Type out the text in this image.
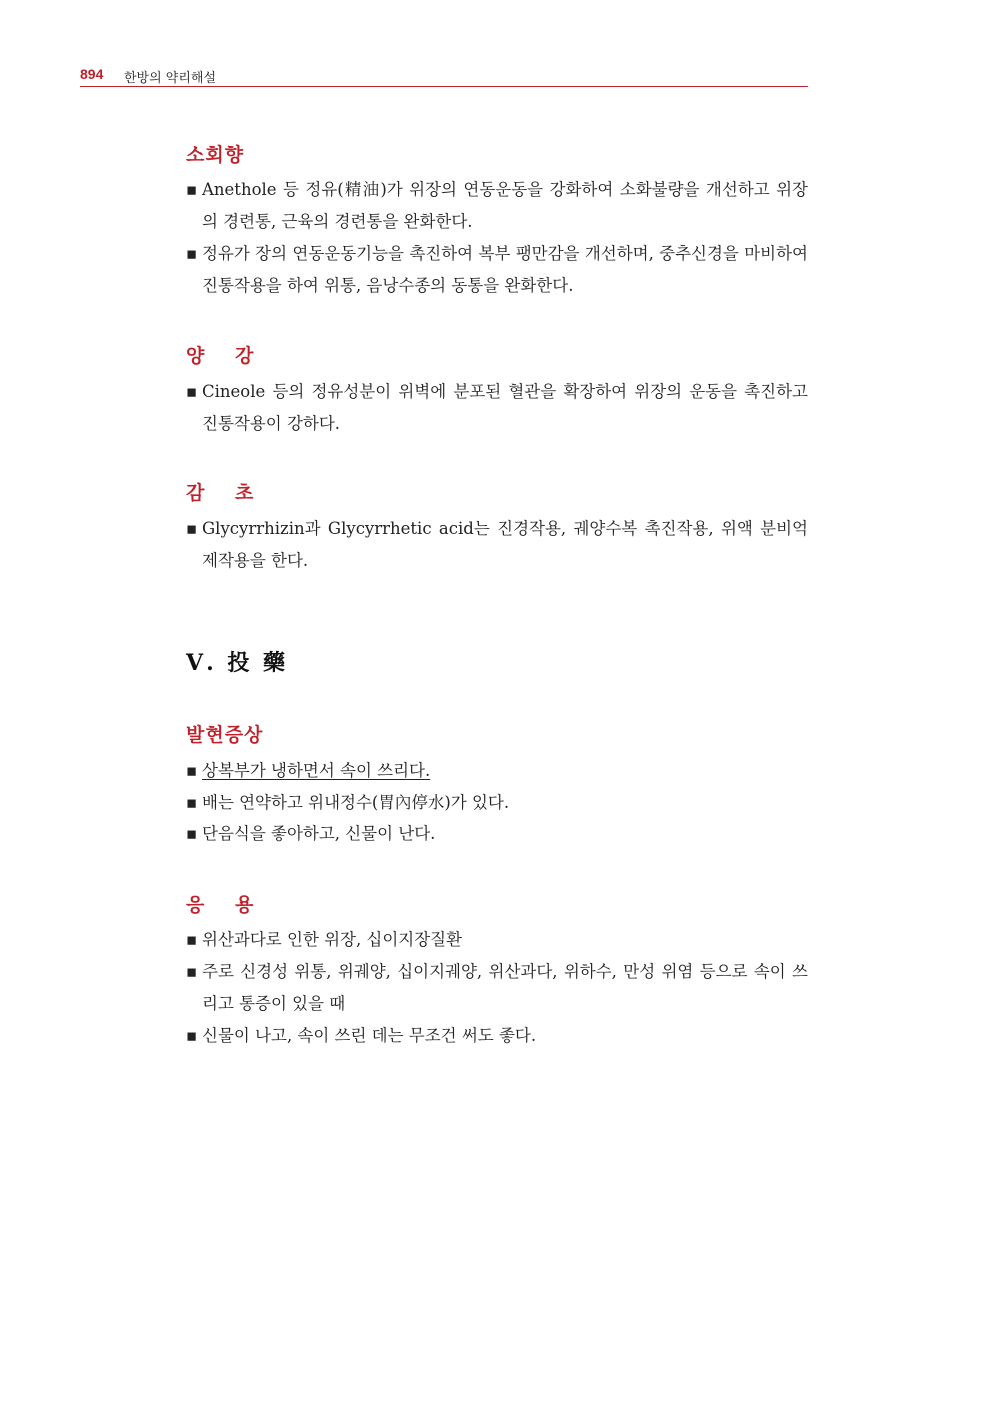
894 한방의 약리해설
소회향
▪ Anethole 등 정유(精油)가 위장의 연동운동을 강화하여 소화불량을 개선하고 위장의 경련통, 근육의 경련통을 완화한다.
▪ 정유가 장의 연동운동기능을 촉진하여 복부 팽만감을 개선하며, 중추신경을 마비하여 진통작용을 하여 위통, 음낭수종의 동통을 완화한다.
양 강
▪ Cineole 등의 정유성분이 위벽에 분포된 혈관을 확장하여 위장의 운동을 촉진하고 진통작용이 강하다.
감 초
▪ Glycyrrhizin과 Glycyrrhetic acid는 진경작용, 궤양수복 촉진작용, 위액 분비억제작용을 한다.
Ⅴ. 投 藥
발현증상
▪ 상복부가 냉하면서 속이 쓰리다.
▪ 배는 연약하고 위내정수(胃內停水)가 있다.
▪ 단음식을 좋아하고, 신물이 난다.
응 용
▪ 위산과다로 인한 위장, 십이지장질환
▪ 주로 신경성 위통, 위궤양, 십이지궤양, 위산과다, 위하수, 만성 위염 등으로 속이 쓰리고 통증이 있을 때
▪ 신물이 나고, 속이 쓰린 데는 무조건 써도 좋다.
